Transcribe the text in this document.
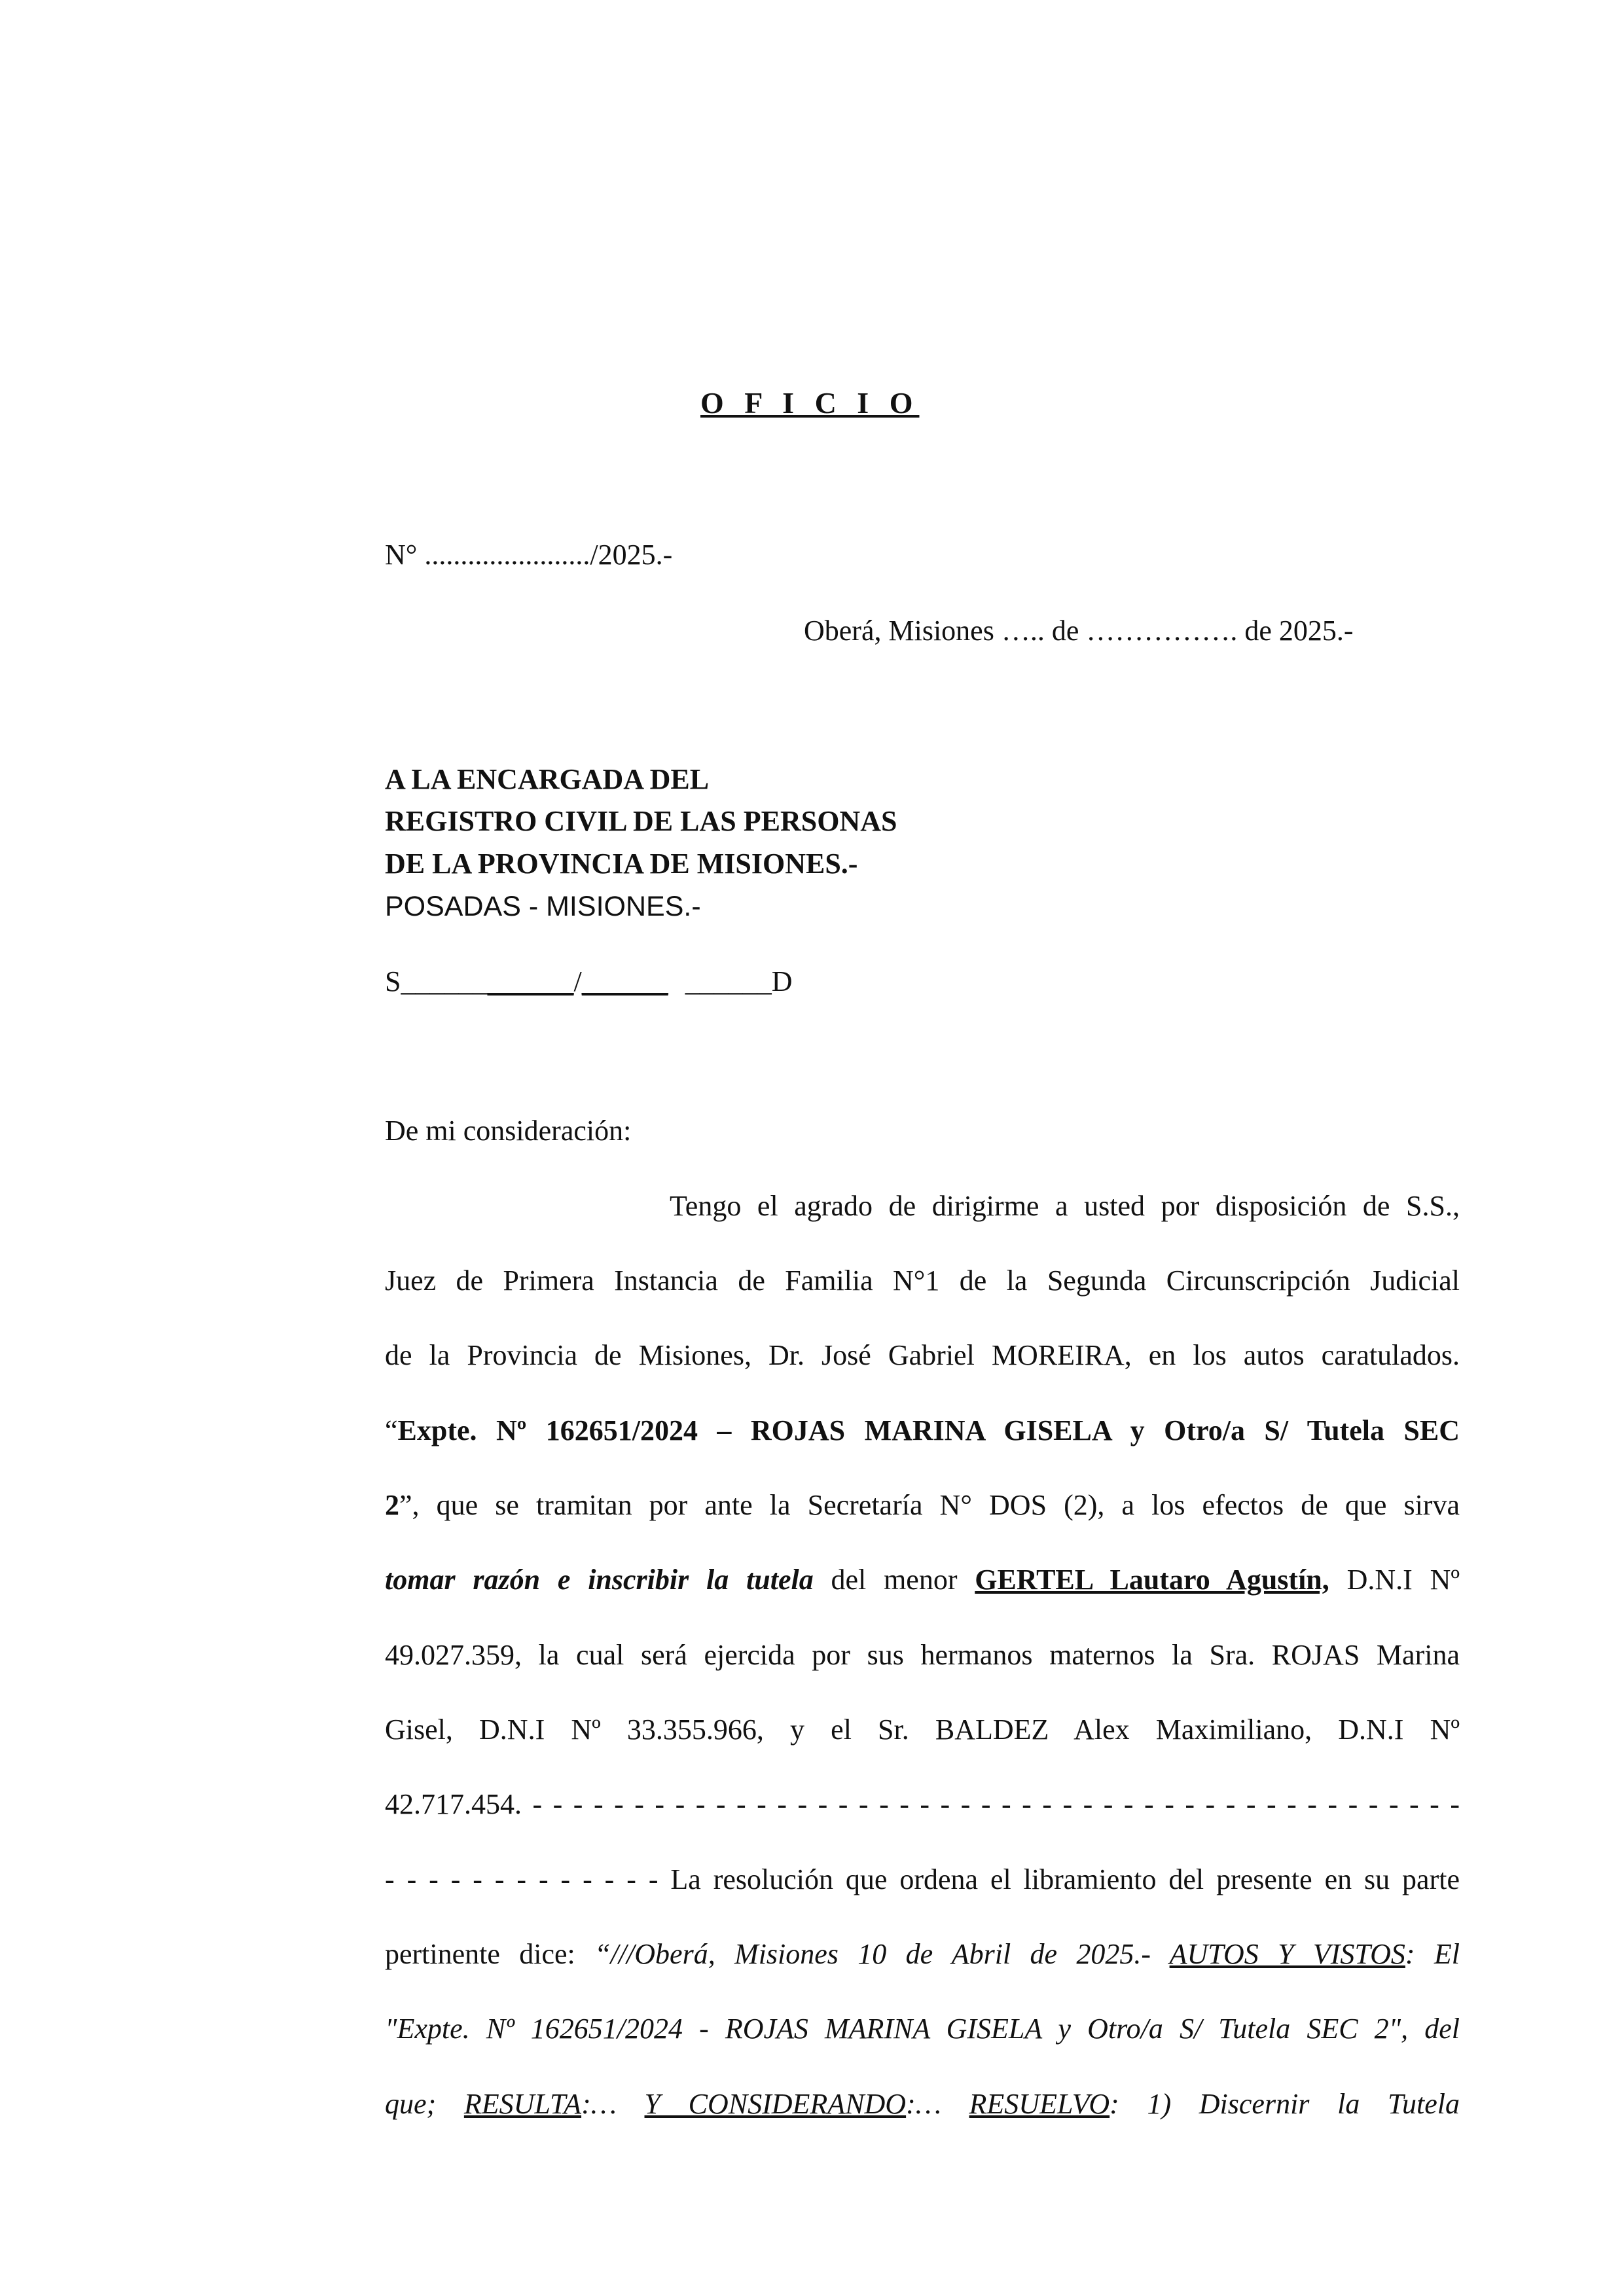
O F I C I O
N° ......................./2025.-
Oberá, Misiones ….. de ……………. de 2025.-
A LA ENCARGADA DEL
REGISTRO CIVIL DE LAS PERSONAS
DE LA PROVINCIA DE MISIONES.-
POSADAS - MISIONES.-
S____________/______ ______D
De mi consideración:
Tengo el agrado de dirigirme a usted por disposición de S.S.,
Juez de Primera Instancia de Familia N°1 de la Segunda Circunscripción Judicial
de la Provincia de Misiones, Dr. José Gabriel MOREIRA, en los autos caratulados.
“Expte. Nº 162651/2024 – ROJAS MARINA GISELA y Otro/a S/ Tutela SEC
2”, que se tramitan por ante la Secretaría N° DOS (2), a los efectos de que sirva
tomar razón e inscribir la tutela del menor GERTEL Lautaro Agustín, D.N.I Nº
49.027.359, la cual será ejercida por sus hermanos maternos la Sra. ROJAS Marina
Gisel, D.N.I Nº 33.355.966, y el Sr. BALDEZ Alex Maximiliano, D.N.I Nº
42.717.454. - - - - - - - - - - - - - - - - - - - - - - - - - - - - - - - - - - - - - - - - - - - - - -
- - - - - - - - - - - - - La resolución que ordena el libramiento del presente en su parte
pertinente dice: “///Oberá, Misiones 10 de Abril de 2025.- AUTOS Y VISTOS: El
"Expte. Nº 162651/2024 - ROJAS MARINA GISELA y Otro/a S/ Tutela SEC 2", del
que; RESULTA:… Y CONSIDERANDO:… RESUELVO: 1) Discernir la Tutela
